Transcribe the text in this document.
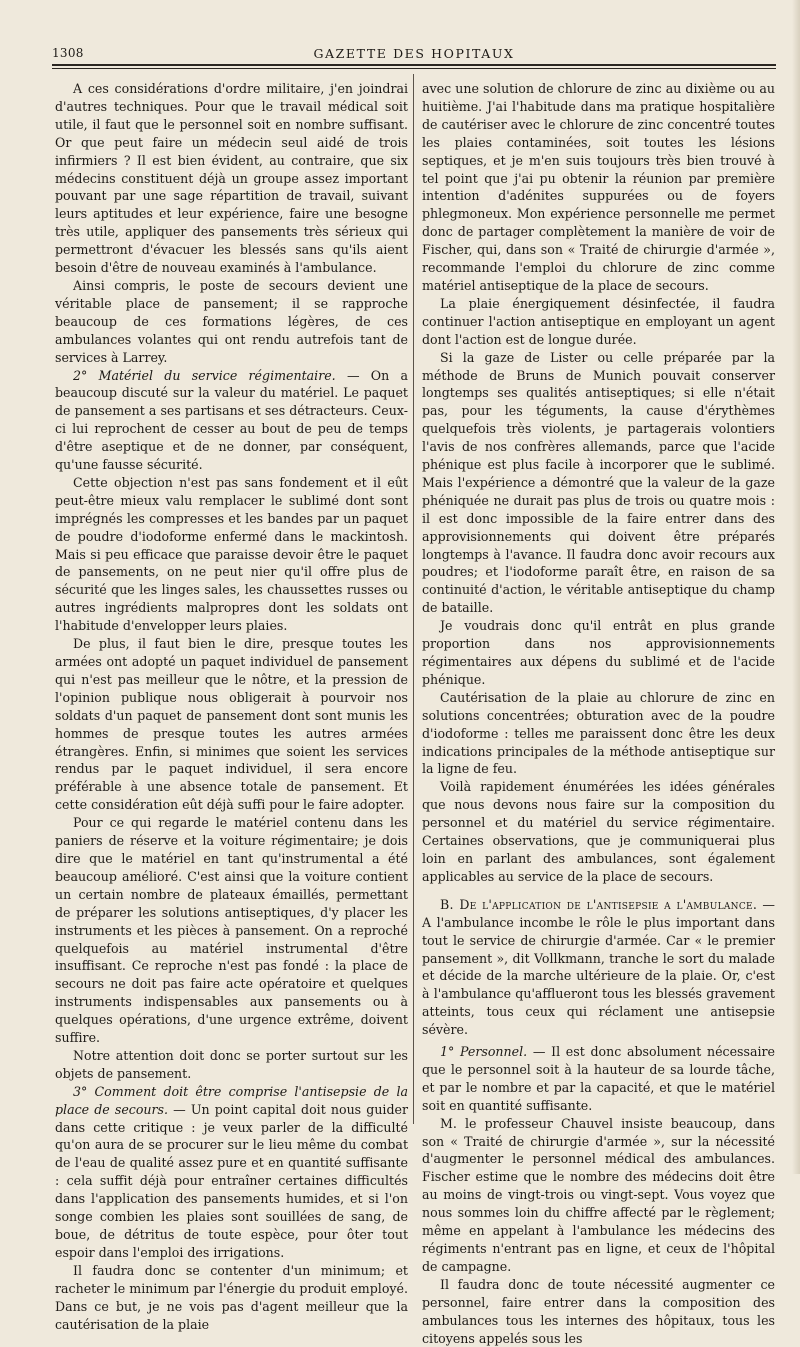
1308	GAZETTE DES HOPITAUX

A ces considérations d'ordre militaire, j'en joindrai d'autres techniques. Pour que le travail médical soit utile, il faut que le personnel soit en nombre suffisant. Or que peut faire un médecin seul aidé de trois infirmiers ? Il est bien évident, au contraire, que six médecins constituent déjà un groupe assez important pouvant par une sage répartition de travail, suivant leurs aptitudes et leur expérience, faire une besogne très utile, appliquer des pansements très sérieux qui permettront d'évacuer les blessés sans qu'ils aient besoin d'être de nouveau examinés à l'ambulance.

Ainsi compris, le poste de secours devient une véritable place de pansement; il se rapproche beaucoup de ces formations légères, de ces ambulances volantes qui ont rendu autrefois tant de services à Larrey.

2° Matériel du service régimentaire. — On a beaucoup discuté sur la valeur du matériel. Le paquet de pansement a ses partisans et ses détracteurs. Ceux-ci lui reprochent de cesser au bout de peu de temps d'être aseptique et de ne donner, par conséquent, qu'une fausse sécurité.

Cette objection n'est pas sans fondement et il eût peut-être mieux valu remplacer le sublimé dont sont imprégnés les compresses et les bandes par un paquet de poudre d'iodoforme enfermé dans le mackintosh. Mais si peu efficace que paraisse devoir être le paquet de pansements, on ne peut nier qu'il offre plus de sécurité que les linges sales, les chaussettes russes ou autres ingrédients malpropres dont les soldats ont l'habitude d'envelopper leurs plaies.

De plus, il faut bien le dire, presque toutes les armées ont adopté un paquet individuel de pansement qui n'est pas meilleur que le nôtre, et la pression de l'opinion publique nous obligerait à pourvoir nos soldats d'un paquet de pansement dont sont munis les hommes de presque toutes les autres armées étrangères. Enfin, si minimes que soient les services rendus par le paquet individuel, il sera encore préférable à une absence totale de pansement. Et cette considération eût déjà suffi pour le faire adopter.

Pour ce qui regarde le matériel contenu dans les paniers de réserve et la voiture régimentaire; je dois dire que le matériel en tant qu'instrumental a été beaucoup amélioré. C'est ainsi que la voiture contient un certain nombre de plateaux émaillés, permettant de préparer les solutions antiseptiques, d'y placer les instruments et les pièces à pansement. On a reproché quelquefois au matériel instrumental d'être insuffisant. Ce reproche n'est pas fondé : la place de secours ne doit pas faire acte opératoire et quelques instruments indispensables aux pansements ou à quelques opérations, d'une urgence extrême, doivent suffire.

Notre attention doit donc se porter surtout sur les objets de pansement.

3° Comment doit être comprise l'antisepsie de la place de secours. — Un point capital doit nous guider dans cette critique : je veux parler de la difficulté qu'on aura de se procurer sur le lieu même du combat de l'eau de qualité assez pure et en quantité suffisante : cela suffit déjà pour entraîner certaines difficultés dans l'application des pansements humides, et si l'on songe combien les plaies sont souillées de sang, de boue, de détritus de toute espèce, pour ôter tout espoir dans l'emploi des irrigations.

Il faudra donc se contenter d'un minimum; et racheter le minimum par l'énergie du produit employé. Dans ce but, je ne vois pas d'agent meilleur que la cautérisation de la plaie

avec une solution de chlorure de zinc au dixième ou au huitième. J'ai l'habitude dans ma pratique hospitalière de cautériser avec le chlorure de zinc concentré toutes les plaies contaminées, soit toutes les lésions septiques, et je m'en suis toujours très bien trouvé à tel point que j'ai pu obtenir la réunion par première intention d'adénites suppurées ou de foyers phlegmoneux. Mon expérience personnelle me permet donc de partager complètement la manière de voir de Fischer, qui, dans son « Traité de chirurgie d'armée », recommande l'emploi du chlorure de zinc comme matériel antiseptique de la place de secours.

La plaie énergiquement désinfectée, il faudra continuer l'action antiseptique en employant un agent dont l'action est de longue durée.

Si la gaze de Lister ou celle préparée par la méthode de Bruns de Munich pouvait conserver longtemps ses qualités antiseptiques; si elle n'était pas, pour les téguments, la cause d'érythèmes quelquefois très violents, je partagerais volontiers l'avis de nos confrères allemands, parce que l'acide phénique est plus facile à incorporer que le sublimé. Mais l'expérience a démontré que la valeur de la gaze phéniquée ne durait pas plus de trois ou quatre mois : il est donc impossible de la faire entrer dans des approvisionnements qui doivent être préparés longtemps à l'avance. Il faudra donc avoir recours aux poudres; et l'iodoforme paraît être, en raison de sa continuité d'action, le véritable antiseptique du champ de bataille.

Je voudrais donc qu'il entrât en plus grande proportion dans nos approvisionnements régimentaires aux dépens du sublimé et de l'acide phénique.

Cautérisation de la plaie au chlorure de zinc en solutions concentrées; obturation avec de la poudre d'iodoforme : telles me paraissent donc être les deux indications principales de la méthode antiseptique sur la ligne de feu.

Voilà rapidement énumérées les idées générales que nous devons nous faire sur la composition du personnel et du matériel du service régimentaire. Certaines observations, que je communiquerai plus loin en parlant des ambulances, sont également applicables au service de la place de secours.

B. De l'application de l'antisepsie a l'ambulance. — A l'ambulance incombe le rôle le plus important dans tout le service de chirurgie d'armée. Car « le premier pansement », dit Vollkmann, tranche le sort du malade et décide de la marche ultérieure de la plaie. Or, c'est à l'ambulance qu'afflueront tous les blessés gravement atteints, tous ceux qui réclament une antisepsie sévère.

1° Personnel. — Il est donc absolument nécessaire que le personnel soit à la hauteur de sa lourde tâche, et par le nombre et par la capacité, et que le matériel soit en quantité suffisante.

M. le professeur Chauvel insiste beaucoup, dans son « Traité de chirurgie d'armée », sur la nécessité d'augmenter le personnel médical des ambulances. Fischer estime que le nombre des médecins doit être au moins de vingt-trois ou vingt-sept. Vous voyez que nous sommes loin du chiffre affecté par le règlement; même en appelant à l'ambulance les médecins des régiments n'entrant pas en ligne, et ceux de l'hôpital de campagne.

Il faudra donc de toute nécessité augmenter ce personnel, faire entrer dans la composition des ambulances tous les internes des hôpitaux, tous les citoyens appelés sous les
